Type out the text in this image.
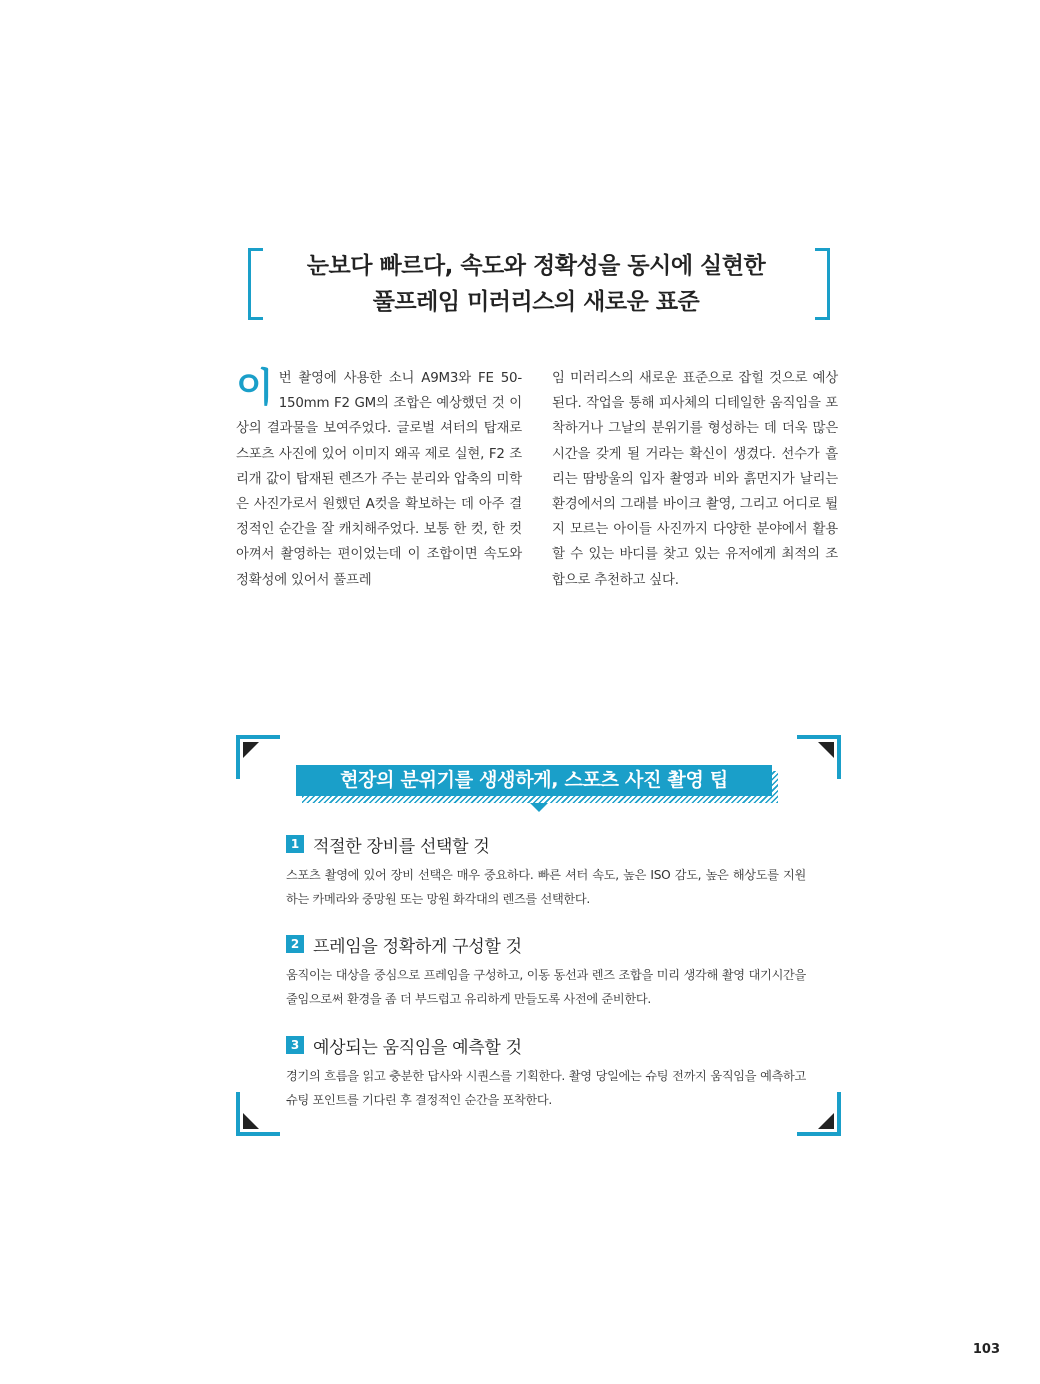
눈보다 빠르다, 속도와 정확성을 동시에 실현한
풀프레임 미러리스의 새로운 표준
이 번 촬영에 사용한 소니 A9M3와 FE 50-150mm F2 GM의 조합은 예상했던 것 이상의 결과물을 보여주었다. 글로벌 셔터의 탑재로 스포츠 사진에 있어 이미지 왜곡 제로 실현, F2 조리개 값이 탑재된 렌즈가 주는 분리와 압축의 미학은 사진가로서 원했던 A컷을 확보하는 데 아주 결정적인 순간을 잘 캐치해주었다. 보통 한 컷, 한 컷 아껴서 촬영하는 편이었는데 이 조합이면 속도와 정확성에 있어서 풀프레
임 미러리스의 새로운 표준으로 잡힐 것으로 예상된다. 작업을 통해 피사체의 디테일한 움직임을 포착하거나 그날의 분위기를 형성하는 데 더욱 많은 시간을 갖게 될 거라는 확신이 생겼다. 선수가 흘리는 땀방울의 입자 촬영과 비와 흙먼지가 날리는 환경에서의 그래블 바이크 촬영, 그리고 어디로 튈지 모르는 아이들 사진까지 다양한 분야에서 활용할 수 있는 바디를 찾고 있는 유저에게 최적의 조합으로 추천하고 싶다.
현장의 분위기를 생생하게, 스포츠 사진 촬영 팁
1 적절한 장비를 선택할 것
스포츠 촬영에 있어 장비 선택은 매우 중요하다. 빠른 셔터 속도, 높은 ISO 감도, 높은 해상도를 지원하는 카메라와 중망원 또는 망원 화각대의 렌즈를 선택한다.
2 프레임을 정확하게 구성할 것
움직이는 대상을 중심으로 프레임을 구성하고, 이동 동선과 렌즈 조합을 미리 생각해 촬영 대기시간을 줄임으로써 환경을 좀 더 부드럽고 유리하게 만들도록 사전에 준비한다.
3 예상되는 움직임을 예측할 것
경기의 흐름을 읽고 충분한 답사와 시퀀스를 기획한다. 촬영 당일에는 슈팅 전까지 움직임을 예측하고 슈팅 포인트를 기다린 후 결정적인 순간을 포착한다.
103
